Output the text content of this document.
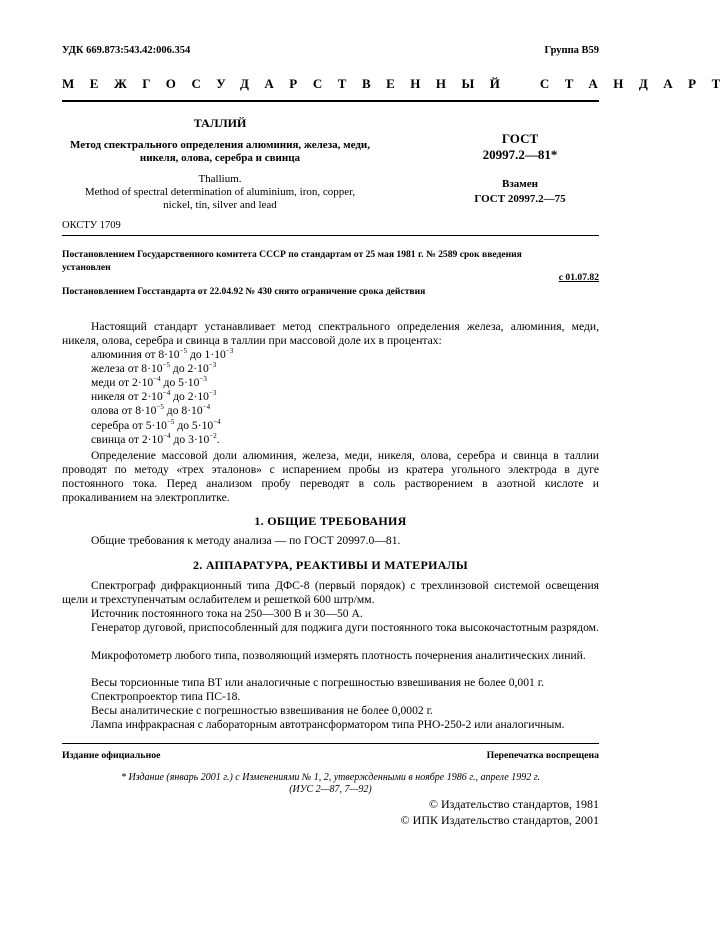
УДК 669.873:543.42:006.354	Группа В59
МЕЖГОСУДАРСТВЕННЫ Й	СТАНДАР Т
ТАЛЛИЙ
Метод спектрального определения алюминия, железа, меди,
никеля, олова, серебра и свинца
Thallium.
Method of spectral determination of aluminium, iron, copper,
nickel, tin, silver and lead
ГОСТ
20997.2—81*
Взамен
ГОСТ 20997.2—75
ОКСТУ 1709
Постановлением Государственного комитета СССР по стандартам от 25 мая 1981 г. № 2589 срок введения
установлен
с 01.07.82
Постановлением Госстандарта от 22.04.92 № 430 снято ограничение срока действия
Настоящий стандарт устанавливает метод спектрального определения железа, алюминия, меди, никеля, олова, серебра и свинца в таллии при массовой доле их в процентах:
алюминия от $8\cdot 10^{-5}$ до $1\cdot 10^{-3}$
железа от $8\cdot 10^{-5}$ до $2\cdot 10^{-3}$
меди от $2\cdot 10^{-4}$ до $5\cdot 10^{-3}$
никеля от $2\cdot 10^{-4}$ до $2\cdot 10^{-3}$
олова от $8\cdot 10^{-5}$ до $8\cdot 10^{-4}$
серебра от $5\cdot 10^{-5}$ до $5\cdot 10^{-4}$
свинца от $2\cdot 10^{-4}$ до $3\cdot 10^{-2}$.
Определение массовой доли алюминия, железа, меди, никеля, олова, серебра и свинца в таллии проводят по методу «трех эталонов» с испарением пробы из кратера угольного электрода в дуге постоянного тока. Перед анализом пробу переводят в соль растворением в азотной кислоте и прокаливанием на электроплитке.
1. ОБЩИЕ ТРЕБОВАНИЯ
Общие требования к методу анализа — по ГОСТ 20997.0—81.
2. АППАРАТУРА, РЕАКТИВЫ И МАТЕРИАЛЫ
Спектрограф дифракционный типа ДФС-8 (первый порядок) с трехлинзовой системой освещения щели и трехступенчатым ослабителем и решеткой 600 штр/мм.
Источник постоянного тока на 250—300 В и 30—50 А.
Генератор дуговой, приспособленный для поджига дуги постоянного тока высокочастотным разрядом.
Микрофотометр любого типа, позволяющий измерять плотность почернения аналитических линий.
Весы торсионные типа ВТ или аналогичные с погрешностью взвешивания не более 0,001 г.
Спектропроектор типа ПС-18.
Весы аналитические с погрешностью взвешивания не более 0,0002 г.
Лампа инфракрасная с лабораторным автотрансформатором типа РНО-250-2 или аналогичным.
Издание официальное	Перепечатка воспрещена
* Издание (январь 2001 г.) с Изменениями № 1, 2, утвержденными в ноябре 1986 г., апреле 1992 г.
(ИУС 2—87, 7—92)
© Издательство стандартов, 1981
© ИПК Издательство стандартов, 2001
